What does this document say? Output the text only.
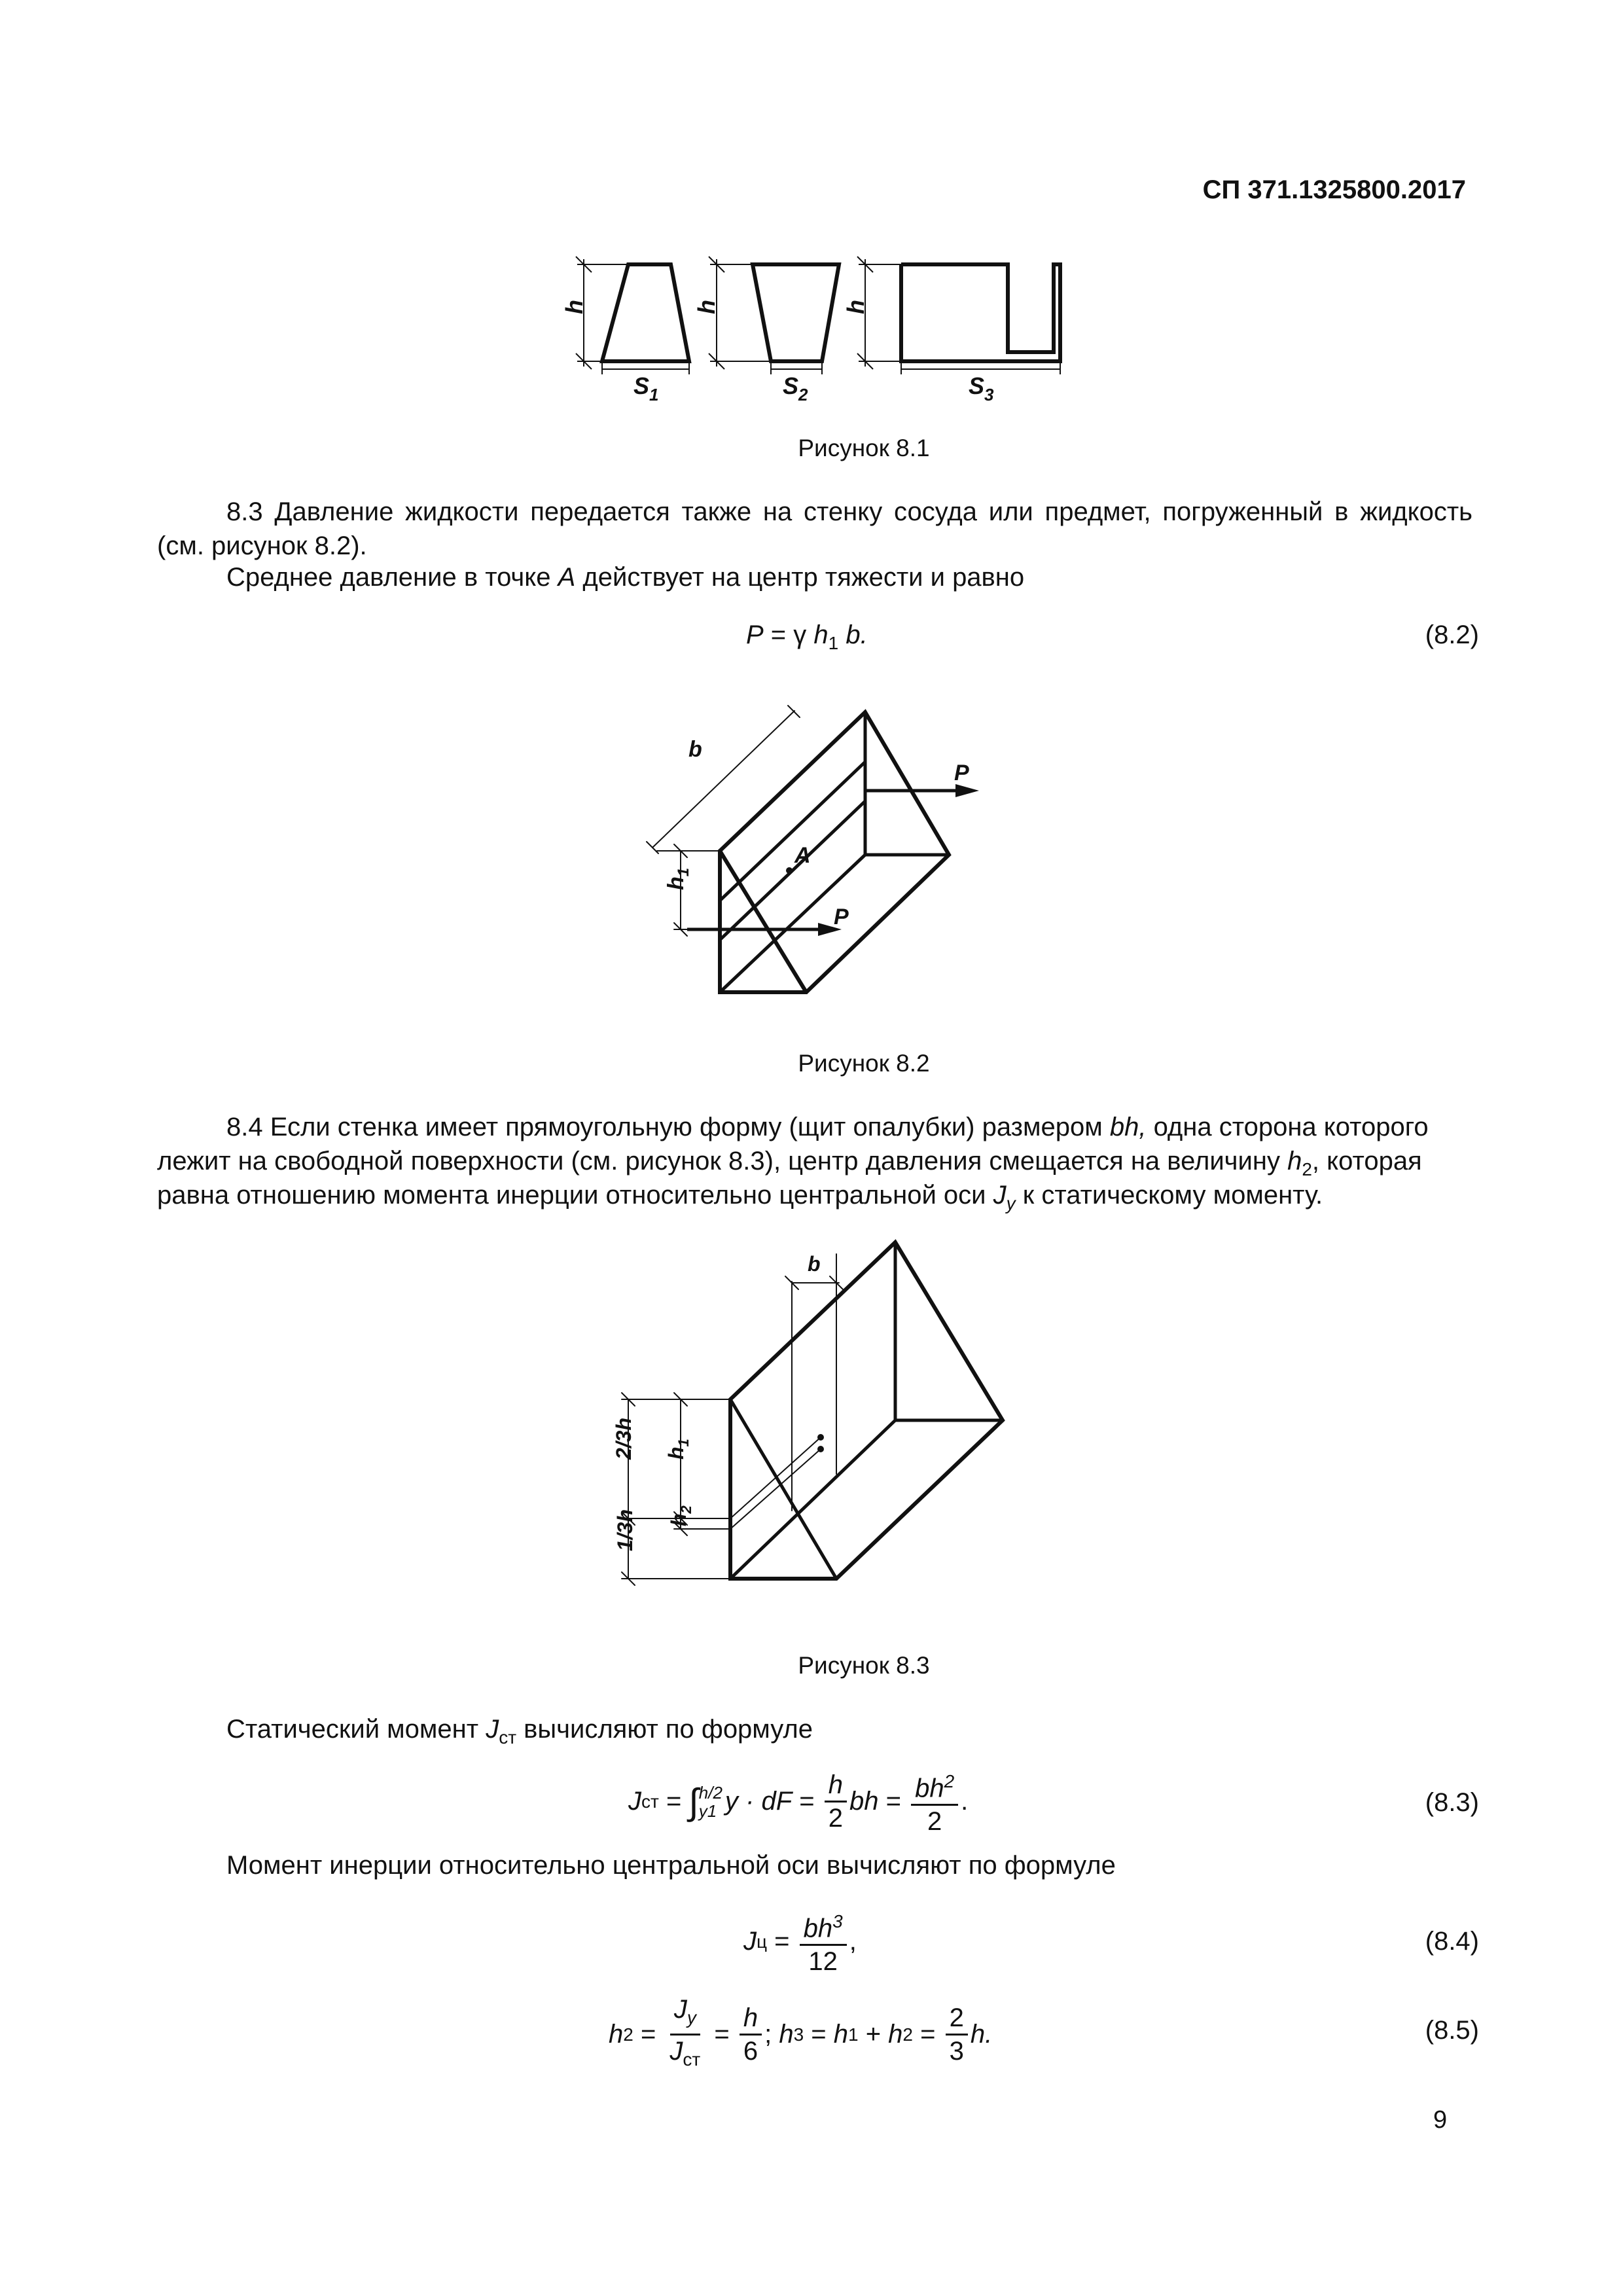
СП 371.1325800.2017
h	h	h
$S_1$	$S_2$	$S_3$
Рисунок 8.1
8.3 Давление жидкости передается также на стенку сосуда или предмет, погруженный в жидкость (см. рисунок 8.2).
Среднее давление в точке A действует на центр тяжести и равно
P = γ $h_1$ b.	(8.2)
b
P
A
P
$h_1$
Рисунок 8.2
8.4 Если стенка имеет прямоугольную форму (щит опалубки) размером bh, одна сторона которого
лежит на свободной поверхности (см. рисунок 8.3), центр давления смещается на величину $h_2$, которая
равна отношению момента инерции относительно центральной оси $J_y$ к статическому моменту.
b
2/3h
1/3h
$h_1$
$h_2$
Рисунок 8.3
Статический момент $J_{ст}$ вычисляют по формуле
J ст = ∫ h/2
y1 y · dF = $\frac{h}{2}$ bh = $\frac{bh^2}{2}$ .	(8.3)
Момент инерции относительно центральной оси вычисляют по формуле
J $ц = \frac{bh^3}{12}$ ,	(8.4)
h $2 = \frac{J_y}{J_{ст}} = \frac{h}{6}$ ; h 3 = h 1 + h $2 = \frac{2}{3} h$.	(8.5)
9
